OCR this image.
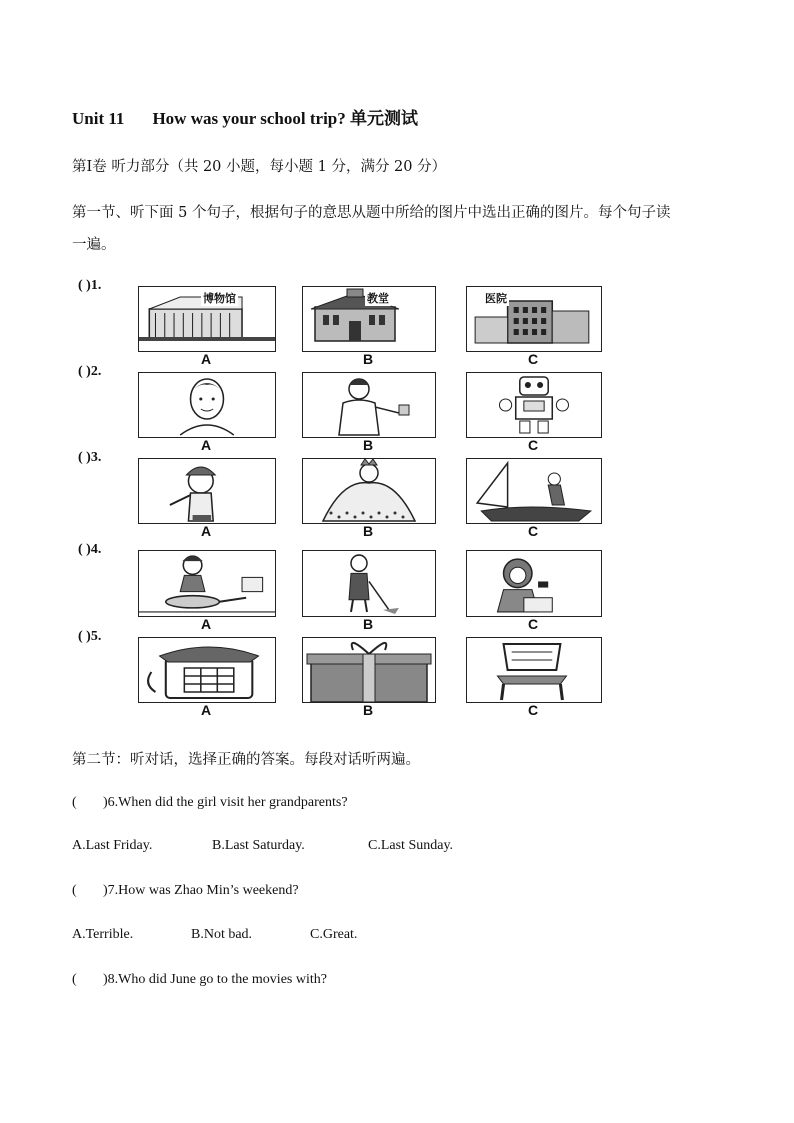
Unit 11 How was your school trip? 单元测试
第Ⅰ卷 听力部分（共 20 小题，每小题 1 分，满分 20 分）
第一节、听下面 5 个句子，根据句子的意思从题中所给的图片中选出正确的图片。每个句子读
一遍。
( )1.
博物馆
A
教堂
B
医院
C
( )2.
A	B	C
( )3.
A	B	C
( )4.
A	B	C
( )5.
A	B	C
第二节：听对话，选择正确的答案。每段对话听两遍。
( )6.When did the girl visit her grandparents?
A.Last Friday.	B.Last Saturday.	C.Last Sunday.
( )7.How was Zhao Min’s weekend?
A.Terrible.	B.Not bad.	C.Great.
( )8.Who did June go to the movies with?
